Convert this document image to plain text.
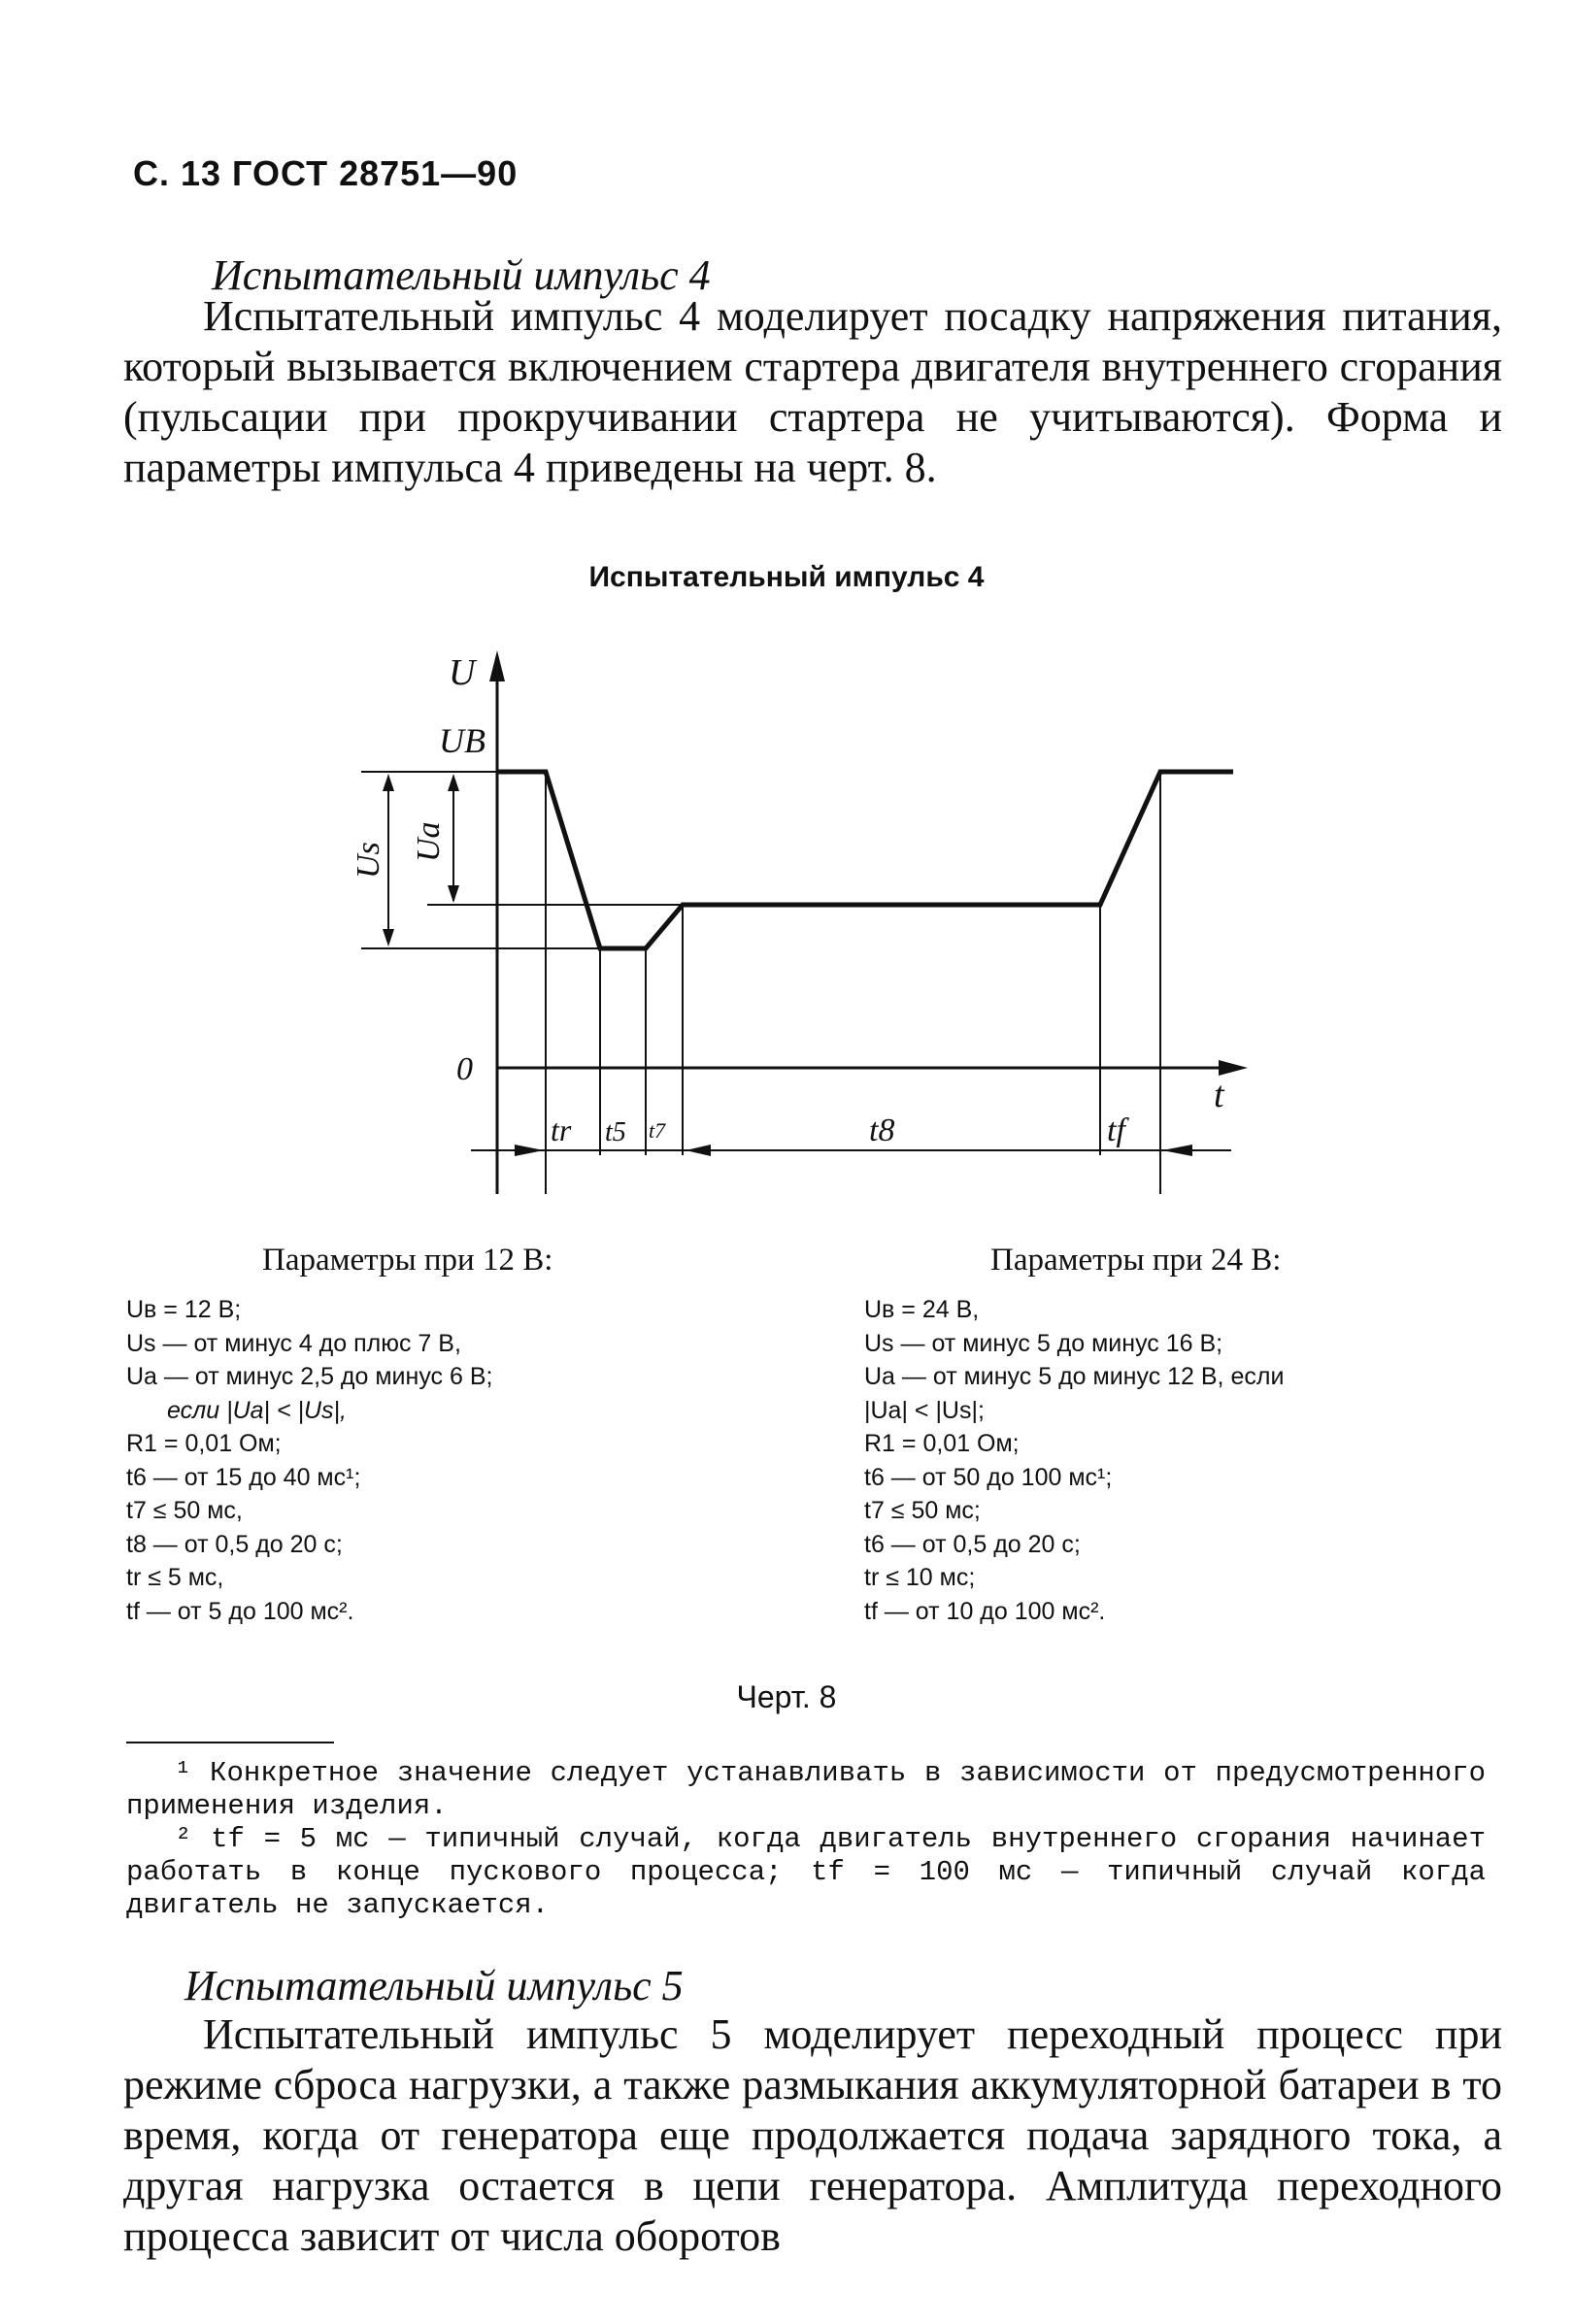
С. 13 ГОСТ 28751—90
Испытательный импульс 4

Испытательный импульс 4 моделирует посадку напряжения питания, который вызывается включением стартера двигателя внутреннего сгорания (пульсации при прокручивании стартера не учитываются). Форма и параметры импульса 4 приведены на черт. 8.

Испытательный импульс 4
U
UB
0
t
Us Ua
tr t5 t7	t8	tf
Параметры при 12 В:
Uв = 12 В;
Us — от минус 4 до плюс 7 В,
Ua — от минус 2,5 до минус 6 В;
если |Ua| < |Us|,
R1 = 0,01 Ом;
t6 — от 15 до 40 мс¹;
t7 ≤ 50 мс,
t8 — от 0,5 до 20 с;
tr ≤ 5 мс,
tf — от 5 до 100 мс².
Параметры при 24 В:
Uв = 24 В,
Us — от минус 5 до минус 16 В;
Ua — от минус 5 до минус 12 В, если
|Ua| < |Us|;
R1 = 0,01 Ом;
t6 — от 50 до 100 мс¹;
t7 ≤ 50 мс;
t6 — от 0,5 до 20 с;
tr ≤ 10 мс;
tf — от 10 до 100 мс².
Черт. 8

¹ Конкретное значение следует устанавливать в зависимости от предусмотренного применения изделия.

² tf = 5 мс — типичный случай, когда двигатель внутреннего сгорания начинает работать в конце пускового процесса; tf = 100 мс — типичный случай когда двигатель не запускается.

Испытательный импульс 5

Испытательный импульс 5 моделирует переходный процесс при режиме сброса нагрузки, а также размыкания аккумуляторной батареи в то время, когда от генератора еще продолжается подача зарядного тока, а другая нагрузка остается в цепи генератора. Амплитуда переходного процесса зависит от числа оборотов
